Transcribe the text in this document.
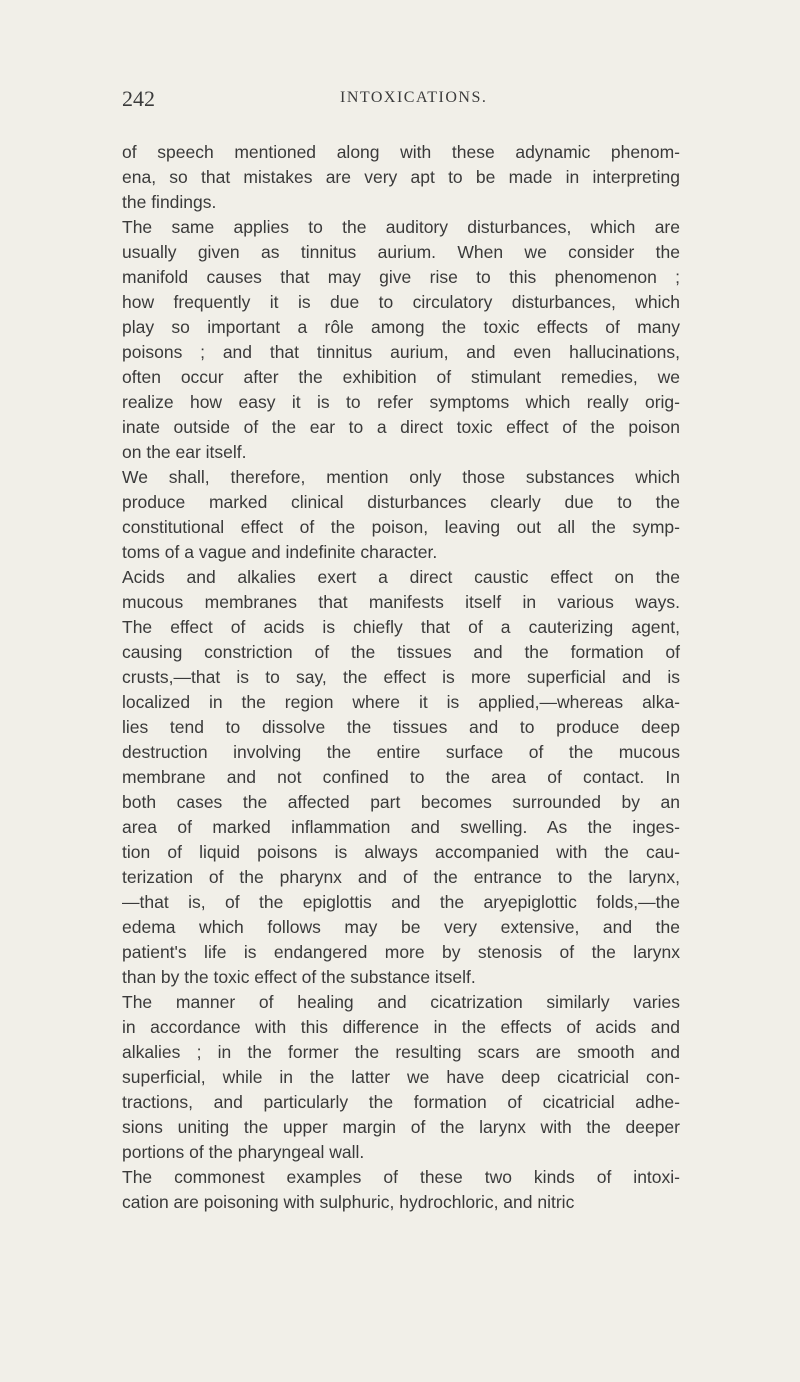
242	INTOXICATIONS.
of speech mentioned along with these adynamic phenom-
ena, so that mistakes are very apt to be made in interpreting
the findings.
The same applies to the auditory disturbances, which are
usually given as tinnitus aurium. When we consider the
manifold causes that may give rise to this phenomenon ;
how frequently it is due to circulatory disturbances, which
play so important a rôle among the toxic effects of many
poisons ; and that tinnitus aurium, and even hallucinations,
often occur after the exhibition of stimulant remedies, we
realize how easy it is to refer symptoms which really orig-
inate outside of the ear to a direct toxic effect of the poison
on the ear itself.
We shall, therefore, mention only those substances which
produce marked clinical disturbances clearly due to the
constitutional effect of the poison, leaving out all the symp-
toms of a vague and indefinite character.
Acids and alkalies exert a direct caustic effect on the
mucous membranes that manifests itself in various ways.
The effect of acids is chiefly that of a cauterizing agent,
causing constriction of the tissues and the formation of
crusts,—that is to say, the effect is more superficial and is
localized in the region where it is applied,—whereas alka-
lies tend to dissolve the tissues and to produce deep
destruction involving the entire surface of the mucous
membrane and not confined to the area of contact. In
both cases the affected part becomes surrounded by an
area of marked inflammation and swelling. As the inges-
tion of liquid poisons is always accompanied with the cau-
terization of the pharynx and of the entrance to the larynx,
—that is, of the epiglottis and the aryepiglottic folds,—the
edema which follows may be very extensive, and the
patient's life is endangered more by stenosis of the larynx
than by the toxic effect of the substance itself.
The manner of healing and cicatrization similarly varies
in accordance with this difference in the effects of acids and
alkalies ; in the former the resulting scars are smooth and
superficial, while in the latter we have deep cicatricial con-
tractions, and particularly the formation of cicatricial adhe-
sions uniting the upper margin of the larynx with the deeper
portions of the pharyngeal wall.
The commonest examples of these two kinds of intoxi-
cation are poisoning with sulphuric, hydrochloric, and nitric
